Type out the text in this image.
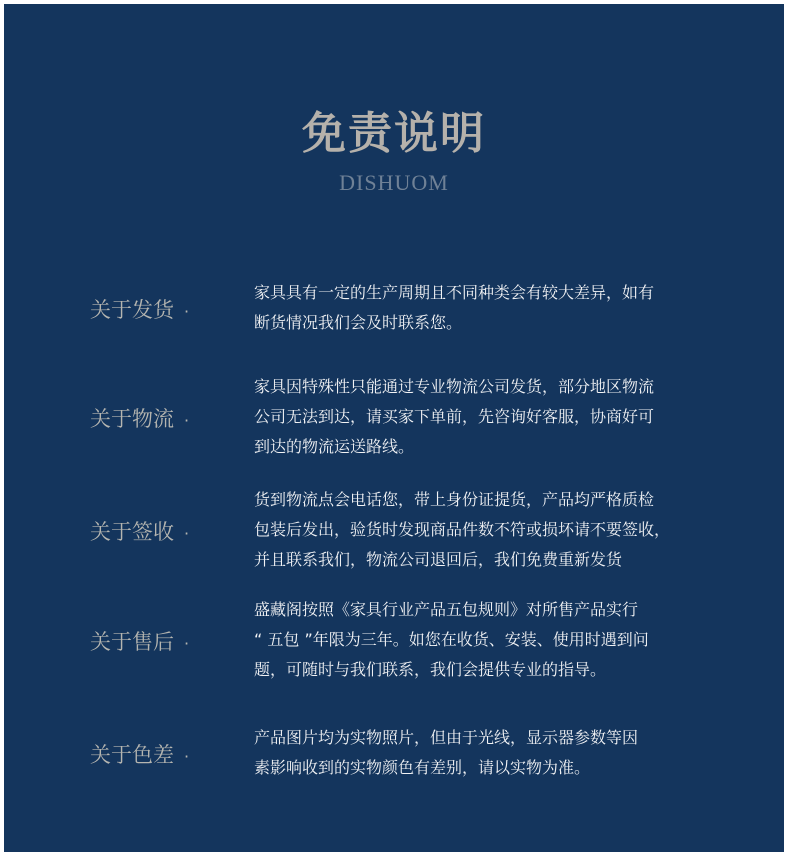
免责说明
DISHUOM
关于发货 ·
家具具有一定的生产周期且不同种类会有较大差异，如有
断货情况我们会及时联系您。
关于物流 ·
家具因特殊性只能通过专业物流公司发货，部分地区物流
公司无法到达，请买家下单前，先咨询好客服，协商好可
到达的物流运送路线。
关于签收 ·
货到物流点会电话您，带上身份证提货，产品均严格质检
包装后发出，验货时发现商品件数不符或损坏请不要签收，
并且联系我们，物流公司退回后，我们免费重新发货
关于售后 ·
盛藏阁按照《家具行业产品五包规则》对所售产品实行
“ 五包 ”年限为三年。如您在收货、安装、使用时遇到问
题，可随时与我们联系，我们会提供专业的指导。
关于色差 ·
产品图片均为实物照片，但由于光线，显示器参数等因
素影响收到的实物颜色有差别，请以实物为准。
